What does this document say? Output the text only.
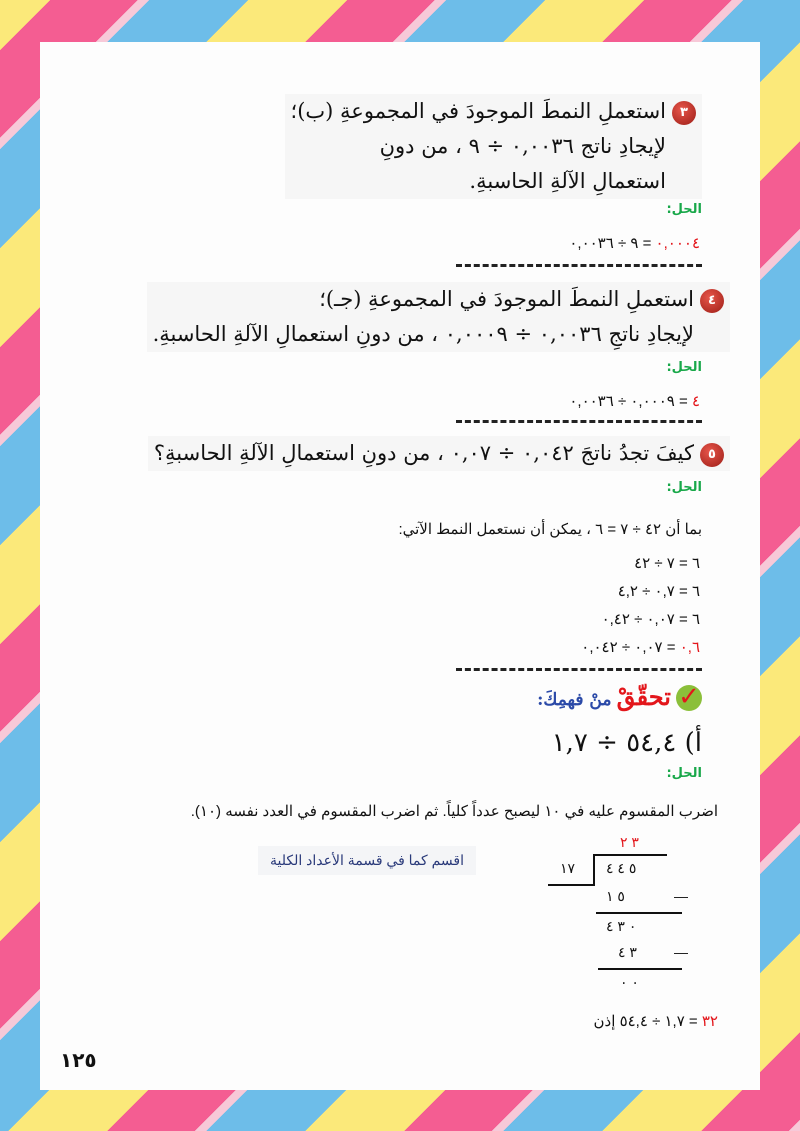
٣استعملِ النمطَ الموجودَ في المجموعةِ (ب)؛
لإيجادِ ناتج ٠,٠٠٣٦ ÷ ٩ ، من دونِ
استعمالِ الآلةِ الحاسبةِ.
الحل:
٠,٠٠٠٤ = ٩ ÷ ٠,٠٠٣٦
٤استعملِ النمطَ الموجودَ في المجموعةِ (جـ)؛
لإيجادِ ناتجِ ٠,٠٠٣٦ ÷ ٠,٠٠٠٩ ، من دونِ استعمالِ الآلةِ الحاسبةِ.
الحل:
٤ = ٠,٠٠٠٩ ÷ ٠,٠٠٣٦
٥كيفَ تجدُ ناتجَ ٠,٠٤٢ ÷ ٠,٠٧ ، من دونِ استعمالِ الآلةِ الحاسبةِ؟
الحل:
بما أن ٤٢ ÷ ٧ = ٦ ، يمكن أن نستعمل النمط الآتي:
٦ = ٧ ÷ ٤٢
٦ = ٠,٧ ÷ ٤,٢
٦ = ٠,٠٧ ÷ ٠,٤٢
٠,٦ = ٠,٠٧ ÷ ٠,٠٤٢
✓ تحقّقْ منْ فهمِكَ:
أ) ٥٤,٤ ÷ ١,٧
الحل:
اضرب المقسوم عليه في ١٠ ليصبح عدداً كلياً. ثم اضرب المقسوم في العدد نفسه (١٠).
اقسم كما في قسمة الأعداد الكلية
٣ ٢
١٧ ٥ ٤ ٤
٥ ١	—
٠ ٣ ٤
٣ ٤	—
٠ ٠
٣٢ = ١,٧ ÷ ٥٤,٤ إذن
١٢٥
